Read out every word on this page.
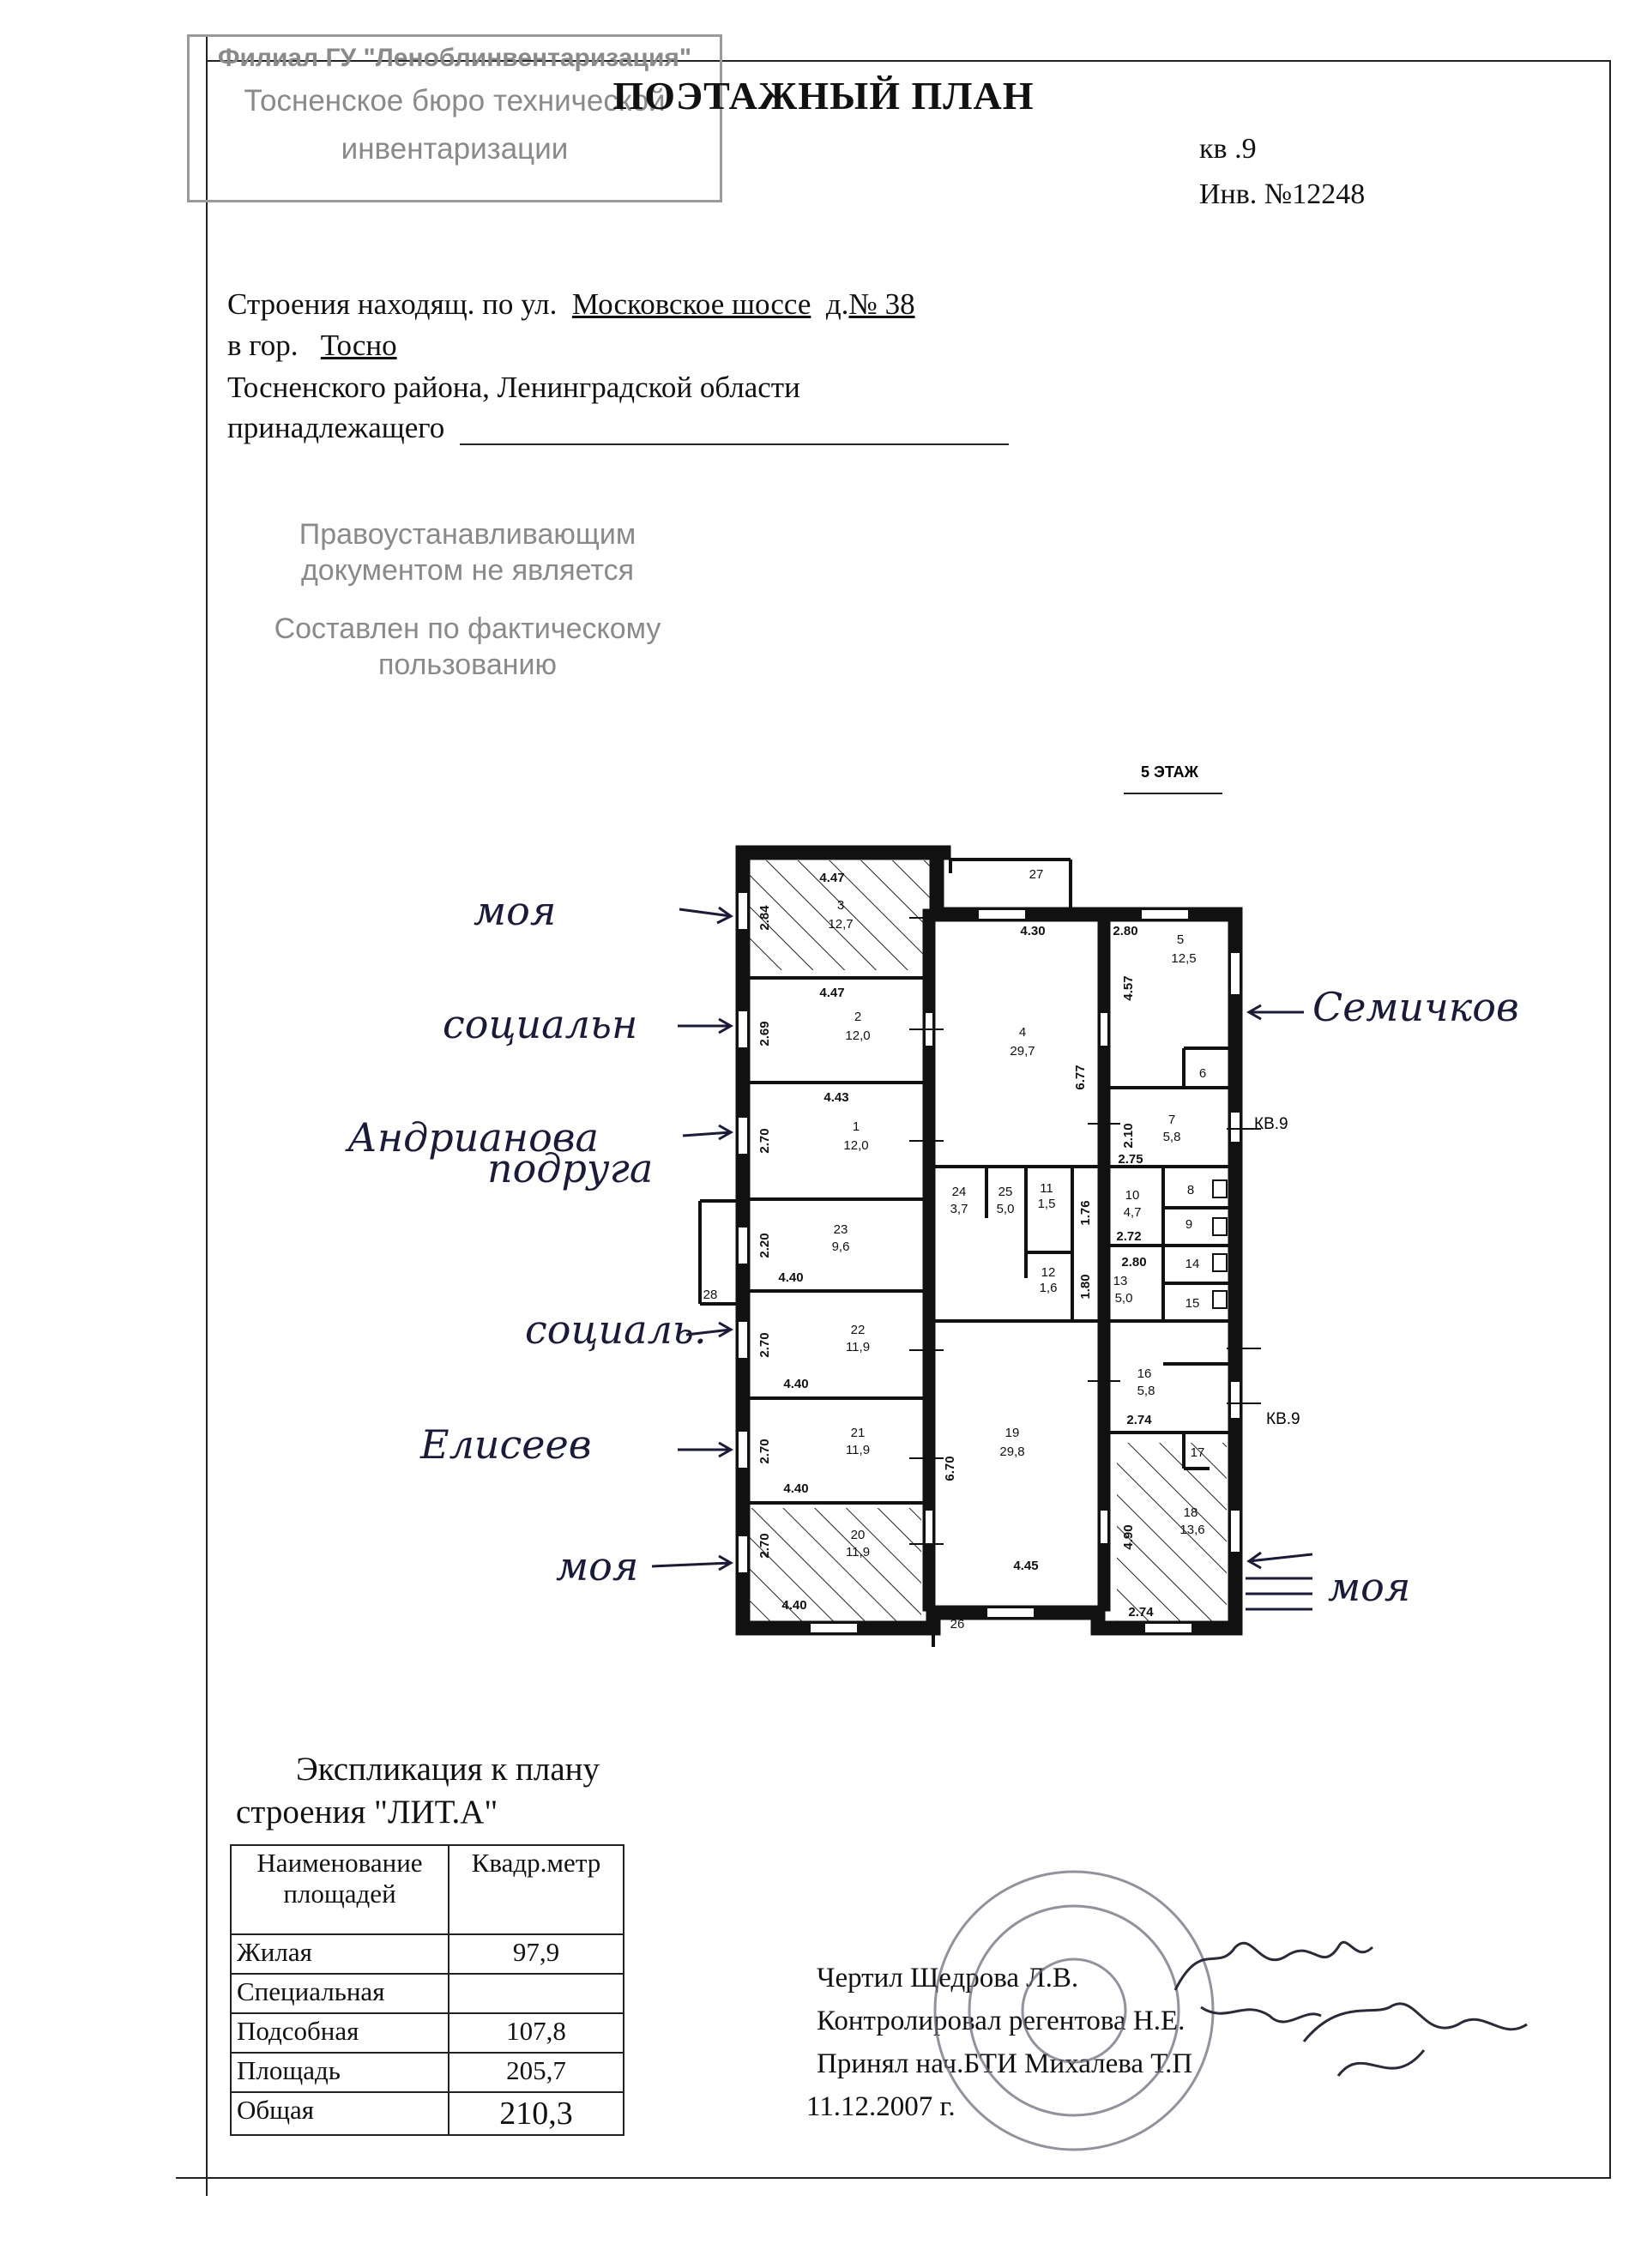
Филиал ГУ "Леноблинвентаризация"
Тосненское бюро технической
инвентаризации
Правоустанавливающим
документом не является
Составлен по фактическому
пользованию
ПОЭТАЖНЫЙ ПЛАН
кв .9
Инв. №12248
Строения находящ. по ул. Московское шоссе д.№ 38
в гор. Тосно
Тосненского района, Ленинградской области
принадлежащего
5 ЭТАЖ
4.47
2.84	3
12,7
4.47
2.69
2
12,0
4.43
2.70
1
12,0
2.20
23
9,6
4.40
2.70
22
11,9
4.40
2.70
21
11,9
4.40
2.70	20
11,9
4.40
4.30
6.77
4
29,7
19
29,8
6.70
4.45
2.80
4.57
5
12,5
2.10
7
5,8
2.75
10
4,7
1.76
2.72
2.80
1.80 13
5,0
16
5,8
2.74
4.90
18
13,6
2.74
24
3,7
25
5,0
11
1,5
12
1,6
27
28
26
6
8
9
14
15
17
КВ.9
КВ.9
моя
социальн
Андрианова
подруга
социаль.
Елисеев
моя
Семичков
моя
Экспликация к плану
строения "ЛИТ.А"
Наименование площадей	Квадр.метр
Жилая	97,9
Специальная	
Подсобная	107,8
Площадь	205,7
Общая	210,3
Чертил Щедрова Л.В.
Контролировал регентова Н.Е.
Принял нач.БТИ Михалева Т.П
11.12.2007 г.
